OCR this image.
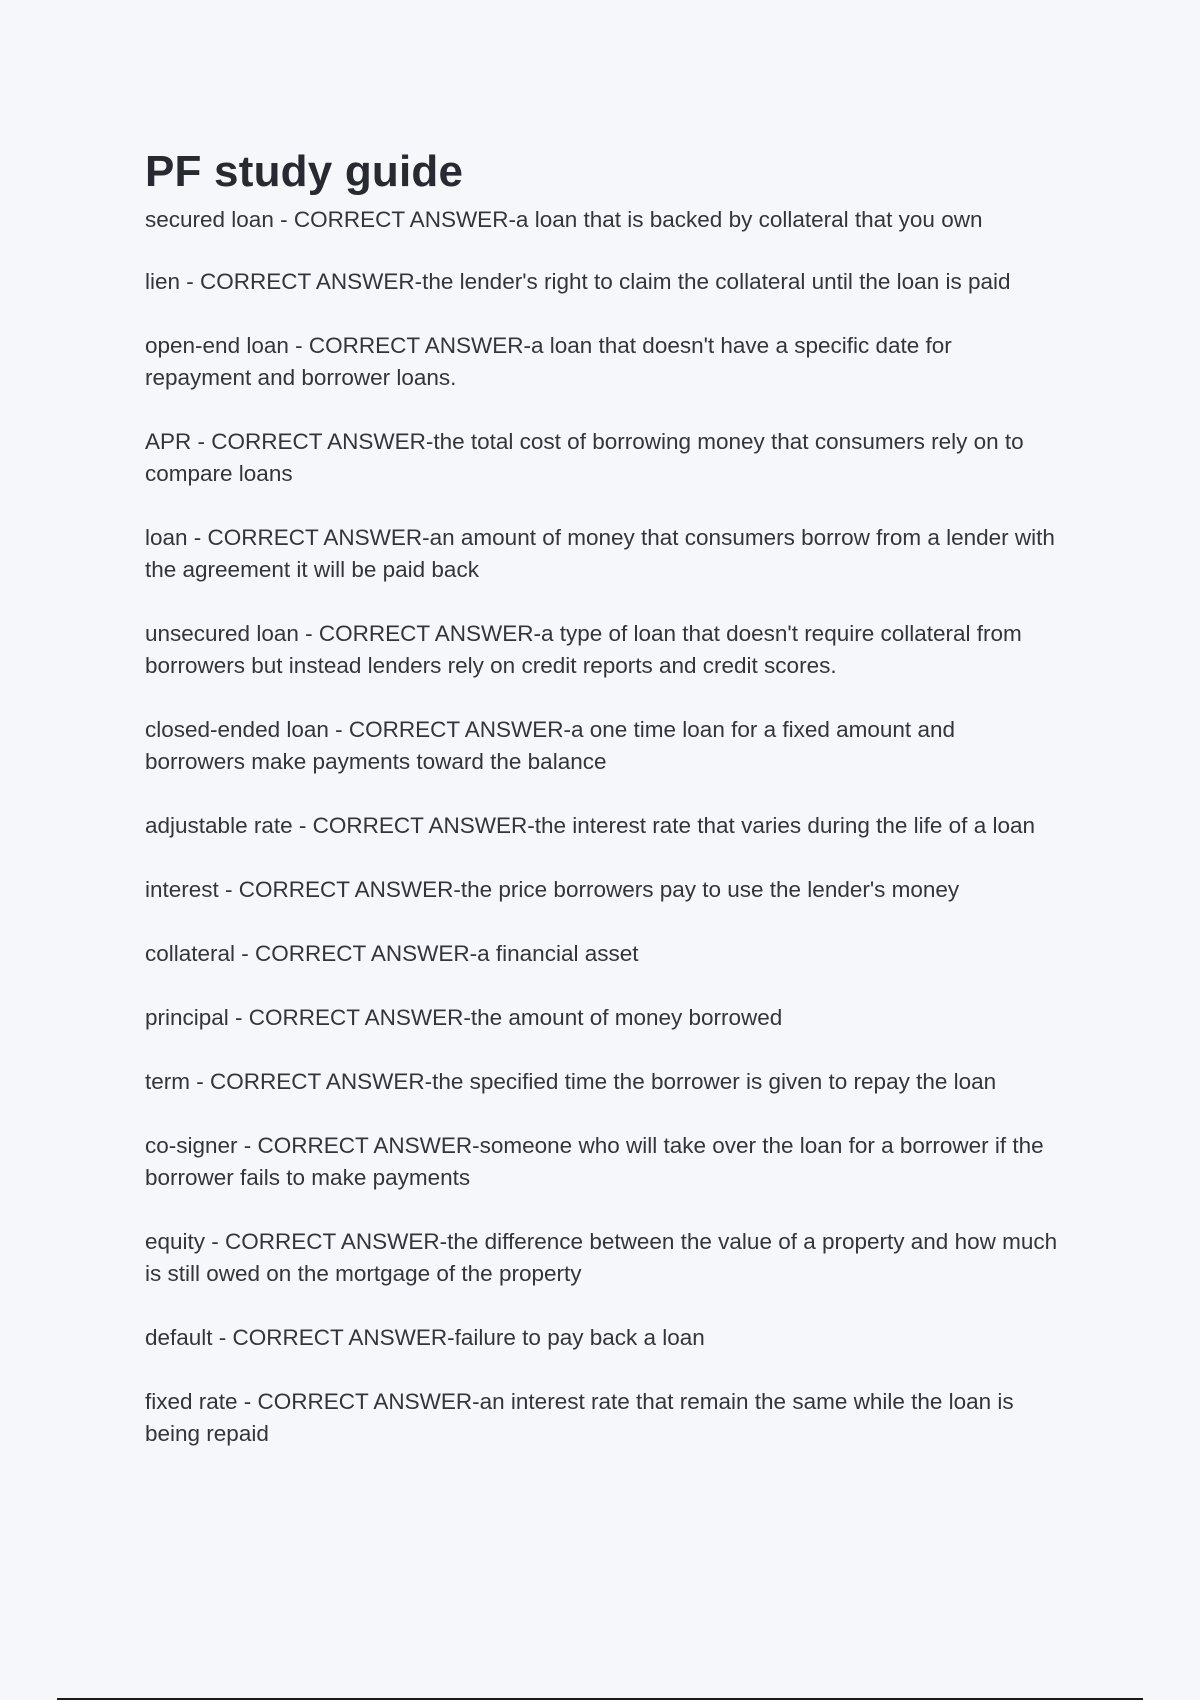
PF study guide
secured loan - CORRECT ANSWER-a loan that is backed by collateral that you own
lien - CORRECT ANSWER-the lender's right to claim the collateral until the loan is paid
open-end loan - CORRECT ANSWER-a loan that doesn't have a specific date for repayment and borrower loans.
APR - CORRECT ANSWER-the total cost of borrowing money that consumers rely on to compare loans
loan - CORRECT ANSWER-an amount of money that consumers borrow from a lender with the agreement it will be paid back
unsecured loan - CORRECT ANSWER-a type of loan that doesn't require collateral from borrowers but instead lenders rely on credit reports and credit scores.
closed-ended loan - CORRECT ANSWER-a one time loan for a fixed amount and borrowers make payments toward the balance
adjustable rate - CORRECT ANSWER-the interest rate that varies during the life of a loan
interest - CORRECT ANSWER-the price borrowers pay to use the lender's money
collateral - CORRECT ANSWER-a financial asset
principal - CORRECT ANSWER-the amount of money borrowed
term - CORRECT ANSWER-the specified time the borrower is given to repay the loan
co-signer - CORRECT ANSWER-someone who will take over the loan for a borrower if the borrower fails to make payments
equity - CORRECT ANSWER-the difference between the value of a property and how much is still owed on the mortgage of the property
default - CORRECT ANSWER-failure to pay back a loan
fixed rate - CORRECT ANSWER-an interest rate that remain the same while the loan is being repaid
